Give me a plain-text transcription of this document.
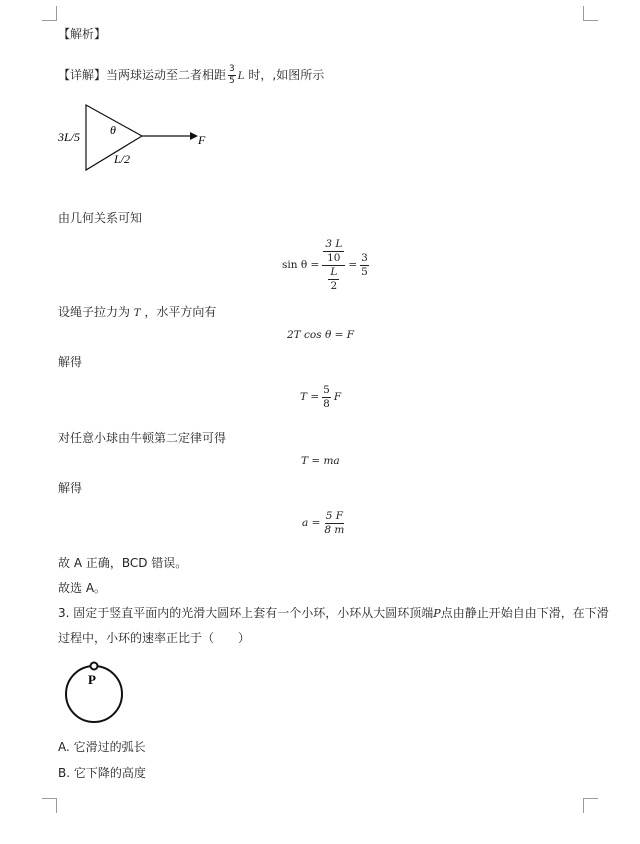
【解析】
【详解】当两球运动至二者相距 $\frac{3}{5}$ L 时，,如图所示
3L/5 θ
L/2
F
由几何关系可知
sin θ = 3 L
10
L
$2 = \frac{3}{5}$
设绳子拉力为 T ，水平方向有
2T cos θ = F
解得
$T = \frac{5}{8}$ F
对任意小球由牛顿第二定律可得
T = ma
解得
$a = \frac{5 F}{8 m}$
故 A 正确，BCD 错误。
故选 A。
3. 固定于竖直平面内的光滑大圆环上套有一个小环，小环从大圆环顶端P点由静止开始自由下滑，在下滑
过程中，小环的速率正比于（　　）
P
A. 它滑过的弧长
B. 它下降的高度
